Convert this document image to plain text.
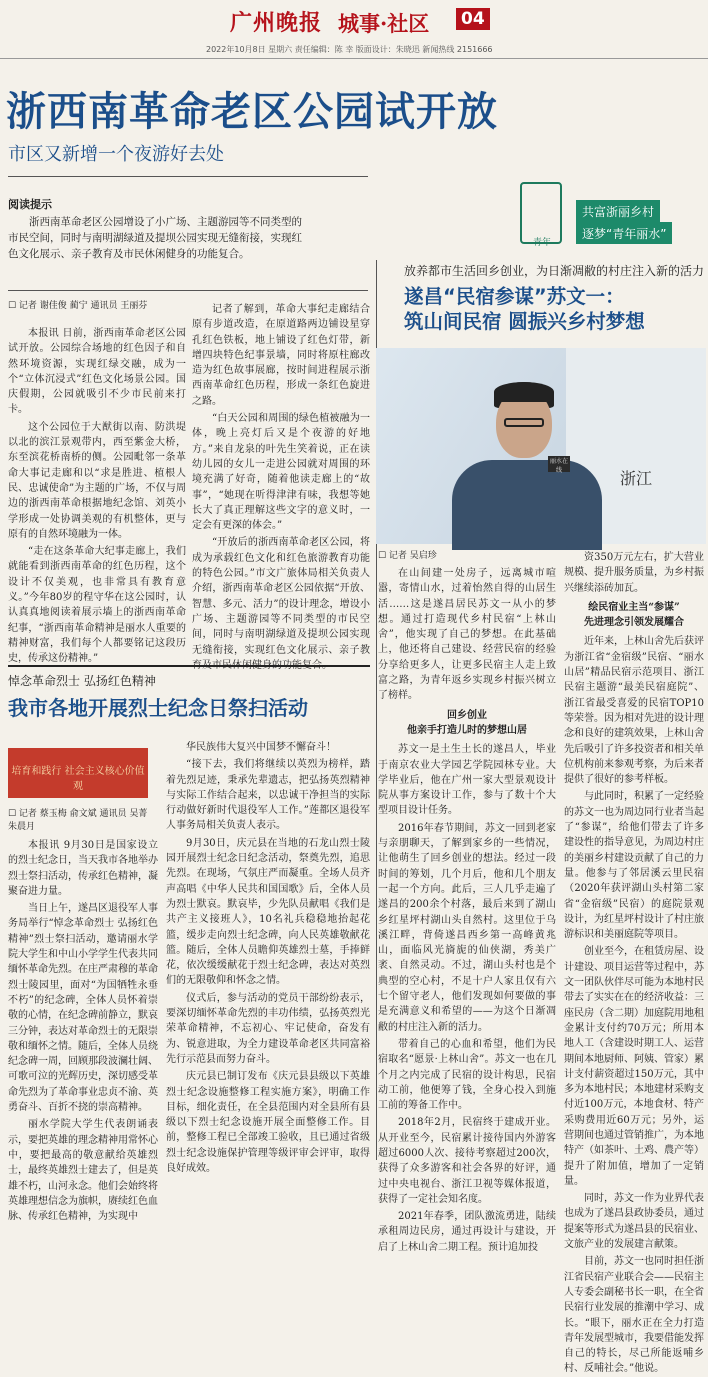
广州晚报 城事·社区 04
2022年10月8日 星期六 责任编辑：陈 幸 版面设计：朱晓迅 新闻热线 2151666
浙西南革命老区公园试开放
市区又新增一个夜游好去处
阅读提示
浙西南革命老区公园增设了小广场、主题游园等不同类型的市民空间，同时与南明湖绿道及提坝公园实现无缝衔接，实现红色文化展示、亲子教育及市民休闲健身的功能复合。
☐ 记者 谢佳俊 蔺宁 通讯员 王丽芬

本报讯 日前，浙西南革命老区公园试开放。公园综合场地的红色因子和自然环境资源，实现红绿交融，成为一个“立体沉浸式”红色文化场景公园。国庆假期，公园就吸引不少市民前来打卡。

这个公园位于大猷街以南、防洪堤以北的滨江景观带内，西至紫金大桥，东至滨花桥南桥的侧。公园毗邻一条革命大事记走廊和以“求是胜进、植根人民、忠诚使命”为主题的广场，不仅与周边的浙西南革命根据地纪念馆、刘英小学形成一处协调美观的有机整体，更与原有的自然环境融为一体。

“走在这条革命大纪事走廊上，我们就能看到浙西南革命的红色历程，这个设计不仅美观，也非常具有教育意义。”今年80岁的程守华在这公园时，认认真真地阅读着展示墙上的浙西南革命纪事，“浙西南革命精神是丽水人重要的精神财富，我们每个人都要铭记这段历史，传承这份精神。”

记者了解到，革命大事纪走廊结合原有步道改造，在原道路两边铺设星穿孔红色铁板，地上铺设了红色灯带，新增四块特色纪事景墙，同时将原柱廊改造为红色故事展廊，按时间进程展示浙西南革命红色历程，形成一条红色旋进之路。

“白天公园和周围的绿色植被融为一体，晚上亮灯后又是个夜游的好地方。”来自龙泉的叶先生笑着说，正在读幼儿园的女儿一走进公园就对周围的环境充满了好奇，随着他读走廊上的“故事”，“她现在听得津津有味，我想等她长大了真正理解这些文字的意义时，一定会有更深的体会。”

“开放后的浙西南革命老区公园，将成为承载红色文化和红色旅游教育功能的特色公园。”市文广旅体局相关负责人介绍，浙西南革命老区公园依据“开放、智慧、多元、活力”的设计理念，增设小广场、主题游园等不同类型的市民空间，同时与南明湖绿道及提坝公园实现无缝衔接，实现红色文化展示、亲子教

悼念革命烈士 弘扬红色精神
我市各地开展烈士纪念日祭扫活动
培育和践行 社会主义核心价值观
☐ 记者 蔡玉梅 俞文斌 通讯员 吴菁 朱晨月

本报讯 9月30日是国家设立的烈士纪念日，当天我市各地举办烈士祭扫活动，传承红色精神，凝聚奋进力量。

当日上午，遂昌区退役军人事务局举行“悼念革命烈士 弘扬红色精神”烈士祭扫活动，邀请丽水学院大学生和中山小学学生代表共同缅怀革命先烈。在庄严肃穆的革命烈士陵园里，面对“为国牺牲永垂不朽”的纪念碑，全体人员怀着崇敬的心情，在纪念碑前静立，默哀三分钟，表达对革命烈士的无限崇敬和缅怀之情。随后，全体人员绕纪念碑一周，回顾那段波澜壮阔、可歌可泣的光辉历史，深切感受革命先烈为了革命事业忠贞不渝、英勇奋斗、百折不挠的崇高精神。

丽水学院大学生代表朗诵表示，要把英雄的理念精神用常怀心中，要把最高的敬意献给英雄烈士，最终英雄烈士建去了，但是英雄不朽，山河永念。他们会始终将英雄理想信念为旗帜，赓续红色血脉、传承红色精神，为实现中

华民族伟大复兴中国梦不懈奋斗！

“接下去，我们将继续以英烈为榜样，踏着先烈足迹，秉承先辈遗志，把弘扬英烈精神与实际工作结合起来，以忠诚干净担当的实际行动做好新时代退役军人工作。”莲都区退役军人事务局相关负责人表示。

9月30日，庆元县在当地的石龙山烈士陵园开展烈士纪念日纪念活动，祭奠先烈，追思先烈。在现场，气氛庄严而凝重。全场人员齐声高唱《中华人民共和国国歌》后，全体人员为烈士默哀。默哀毕，少先队员献唱《我们是共产主义接班人》，10名礼兵稳稳地抬起花篮，缓步走向烈士纪念碑，向人民英雄敬献花篮。随后，全体人员瞻仰英雄烈士墓，手捧鲜花，依次缓缓献花于烈士纪念碑，表达对英烈们的无限敬仰和怀念之情。

仪式后，参与活动的党员干部纷纷表示，要深切缅怀革命先烈的丰功伟绩，弘扬英烈光荣革命精神，不忘初心、牢记使命，奋发有为、锐意进取，为全力建设革命老区共同富裕先行示范县而努力奋斗。

庆元县已制订发布《庆元县县级以下英雄烈士纪念设施整修工程实施方案》，明确工作目标，细化责任，在全县范围内对全县所有县级以下烈士纪念设施开展全面整修工作。目前，整修工程已全部竣工验收，且已通过省级烈士纪念设施保护管理等级评审会评审，取得良好成效。

青年
共富浙丽乡村
逐梦“青年丽水”
放养都市生活回乡创业，为日渐凋敝的村庄注入新的活力
遂昌“民宿参谋”苏文一：
筑山间民宿 圆振兴乡村梦想
浙江
丽水在线
☐ 记者 吴启珍

在山间建一处房子，远离城市喧嚣，寄情山水，过着怡然自得的山居生活……这是遂昌居民苏文一从小的梦想。通过打造现代乡村民宿“上林山舍”，他实现了自己的梦想。在此基础上，他还将自己建设、经营民宿的经验分享给更多人，让更多民宿主人走上致富之路，为青年返乡实现乡村振兴树立了榜样。

回乡创业
他亲手打造儿时的梦想山居

苏文一是土生土长的遂昌人，毕业于南京农业大学园艺学院园林专业。大学毕业后，他在广州一家大型景观设计院从事方案设计工作，参与了数十个大型项目设计任务。

2016年春节期间，苏文一回到老家与亲朋聊天，了解到家乡的一些情况，让他萌生了回乡创业的想法。经过一段时间的筹划，几个月后，他和几个朋友一起一个方向。此后，三人几乎走遍了遂昌的200余个村落，最后来到了湖山乡红星坪村湖山头自然村。这里位于乌溪江畔，背倚遂昌西乡第一高峰黄兆山，面临风光旖旎的仙侠湖，秀美广袤、自然灵动。不过，湖山头村也是个典型的空心村，不足十户人家且仅有六七个留守老人，他们发现如何要做的事是充满意义和希望的——为这个日渐凋敝的村庄注入新的活力。

带着自己的心血和希望，他们为民宿取名“愿景·上林山舍”。苏文一也在几个月之内完成了民宿的设计构思，民宿动工前，他便筹了钱，全身心投入到施工前的筹备工作中。

2018年2月，民宿终于建成开业。从开业至今，民宿累计接待国内外游客超过6000人次、接待考察超过200次，获得了众多游客和社会各界的好评，通过中央电视台、浙江卫视等媒体报道，获得了一定社会知名度。

2021年春季，团队激流勇进，陆续承租周边民房，通过再设计与建设，开启了上林山舍二期工程。预计追加投

资350万元左右，扩大营业规模、提升服务质量，为乡村振兴继续添砖加瓦。

绘民宿业主当“参谋”
先进理念引领发展耀合

近年来，上林山舍先后获评为浙江省“金宿级”民宿、“丽水山居”精品民宿示范项目、浙江民宿主题游“最美民宿庭院”、浙江省最受喜爱的民宿TOP10等荣誉。因为相对先进的设计理念和良好的建筑效果，上林山舍先后吸引了许多投资者和相关单位机构前来参观考察，为后来者提供了很好的参考样板。

与此同时，积累了一定经验的苏文一也为周边同行业者当起了“参谋”，给他们带去了许多建设性的指导意见，为周边村庄的美丽乡村建设贡献了自己的力量。他参与了邻居溪云里民宿（2020年获评湖山头村第二家省“金宿级”民宿）的庭院景观设计，为红星坪村设计了村庄旅游标识和美丽庭院等项目。

创业至今，在租赁房屋、设计建设、项目运营等过程中，苏文一团队伙伴尽可能为本地村民带去了实实在在的经济收益：三座民房（含二期）加庭院用地租金累计支付约70万元；所用本地人工（含建设时期工人、运营期间本地厨师、阿姨、管家）累计支付薪资超过150万元，其中多为本地村民；本地建材采购支付近100万元，本地食材、特产采购费用近60万元；另外，运营期间也通过管销推广，为本地特产（如茶叶、土鸡、農产等）提升了附加值，增加了一定销量。

同时，苏文一作为业界代表也成为了遂昌县政协委员，通过提案等形式为遂昌县的民宿业、文旅产业的发展建言献策。

目前，苏文一也同时担任浙江省民宿产业联合会——民宿主人专委会副秘书长一职，在全省民宿行业发展的推潮中学习、成长。“眼下，丽水正在全力打造青年发展型城市，我要借能发挥自己的特长，尽己所能返哺乡村、反哺社会。”他说。
